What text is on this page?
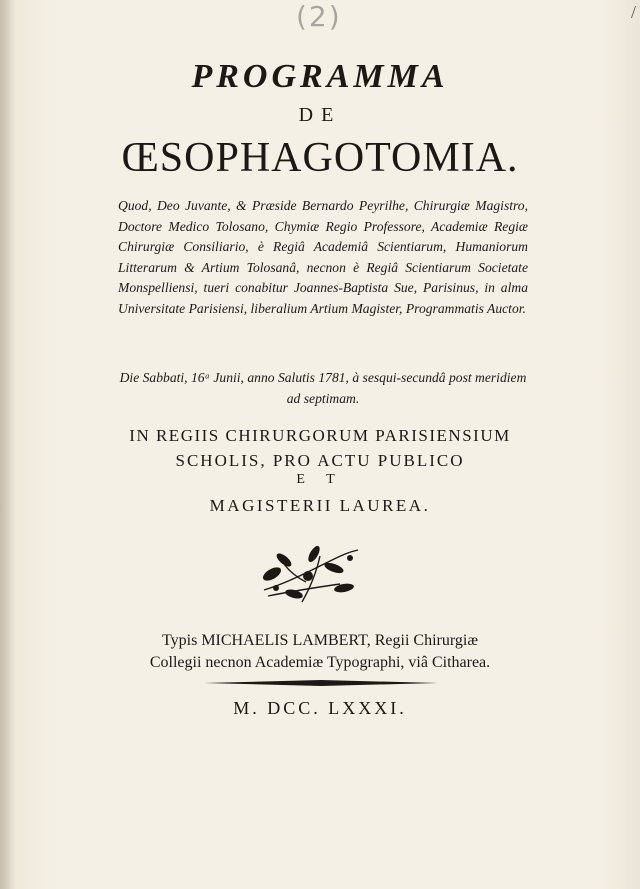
(2)	/
PROGRAMMA
DE
ŒSOPHAGOTOMIA.
Quod, Deo Juvante, & Præside Bernardo Peyrilhe, Chirurgiæ Magistro, Doctore Medico Tolosano, Chymiæ Regio Professore, Academiæ Regiæ Chirurgiæ Consiliario, è Regiâ Academiâ Scientiarum, Humaniorum Litterarum & Artium Tolosanâ, necnon è Regiâ Scientiarum Societate Monspelliensi, tueri conabitur Joannes-Baptista Sue, Parisinus, in alma Universitate Parisiensi, liberalium Artium Magister, Programmatis Auctor.
Die Sabbati, 16ᵃ Junii, anno Salutis 1781, à sesqui-secundâ post meridiem ad septimam.
IN REGIIS CHIRURGORUM PARISIENSIUM
SCHOLIS, PRO ACTU PUBLICO
E T
MAGISTERII LAUREA.
Typis MICHAELIS LAMBERT, Regii Chirurgiæ
Collegii necnon Academiæ Typographi, viâ Citharea.
M. DCC. LXXXI.
